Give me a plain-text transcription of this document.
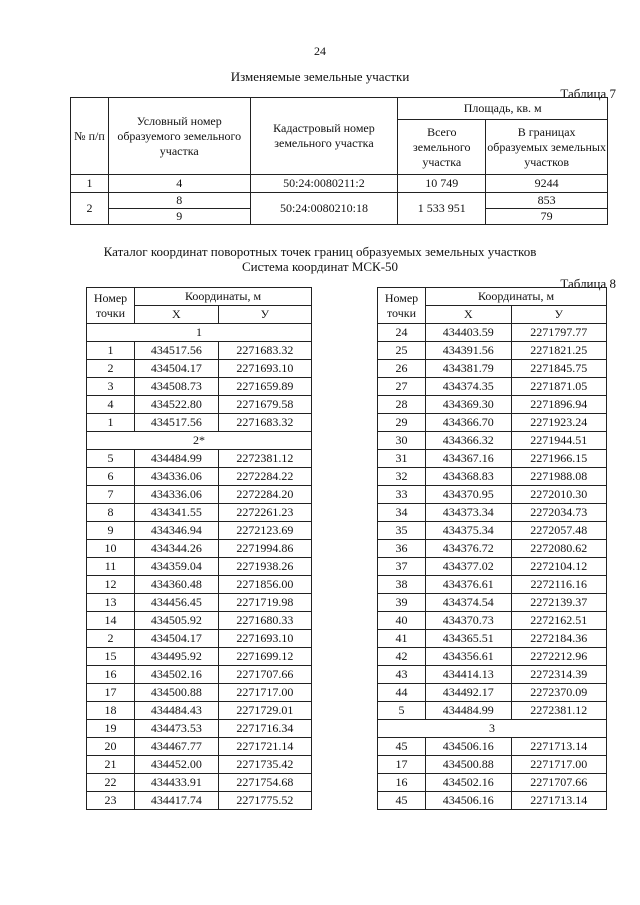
24
Изменяемые земельные участки
Таблица 7
№ п/п	Условный номер образуемого земельного участка	Кадастровый номер земельного участка	Площадь, кв. м	
			Всего земельного участка	В границах образуемых земельных участков
1	4	50:24:0080211:2	10 749	9244
2	8	50:24:0080210:18	1 533 951	853
	9			79
Каталог координат поворотных точек границ образуемых земельных участков
Система координат МСК-50
Таблица 8
Номер точки	Координаты, м	
	Х	У
1		
1	434517.56	2271683.32
2	434504.17	2271693.10
3	434508.73	2271659.89
4	434522.80	2271679.58
1	434517.56	2271683.32
2*		
5	434484.99	2272381.12
6	434336.06	2272284.22
7	434336.06	2272284.20
8	434341.55	2272261.23
9	434346.94	2272123.69
10	434344.26	2271994.86
11	434359.04	2271938.26
12	434360.48	2271856.00
13	434456.45	2271719.98
14	434505.92	2271680.33
2	434504.17	2271693.10
15	434495.92	2271699.12
16	434502.16	2271707.66
17	434500.88	2271717.00
18	434484.43	2271729.01
19	434473.53	2271716.34
20	434467.77	2271721.14
21	434452.00	2271735.42
22	434433.91	2271754.68
23	434417.74	2271775.52
Номер точки	Координаты, м	
	Х	У
24	434403.59	2271797.77
25	434391.56	2271821.25
26	434381.79	2271845.75
27	434374.35	2271871.05
28	434369.30	2271896.94
29	434366.70	2271923.24
30	434366.32	2271944.51
31	434367.16	2271966.15
32	434368.83	2271988.08
33	434370.95	2272010.30
34	434373.34	2272034.73
35	434375.34	2272057.48
36	434376.72	2272080.62
37	434377.02	2272104.12
38	434376.61	2272116.16
39	434374.54	2272139.37
40	434370.73	2272162.51
41	434365.51	2272184.36
42	434356.61	2272212.96
43	434414.13	2272314.39
44	434492.17	2272370.09
5	434484.99	2272381.12
3		
45	434506.16	2271713.14
17	434500.88	2271717.00
16	434502.16	2271707.66
45	434506.16	2271713.14
